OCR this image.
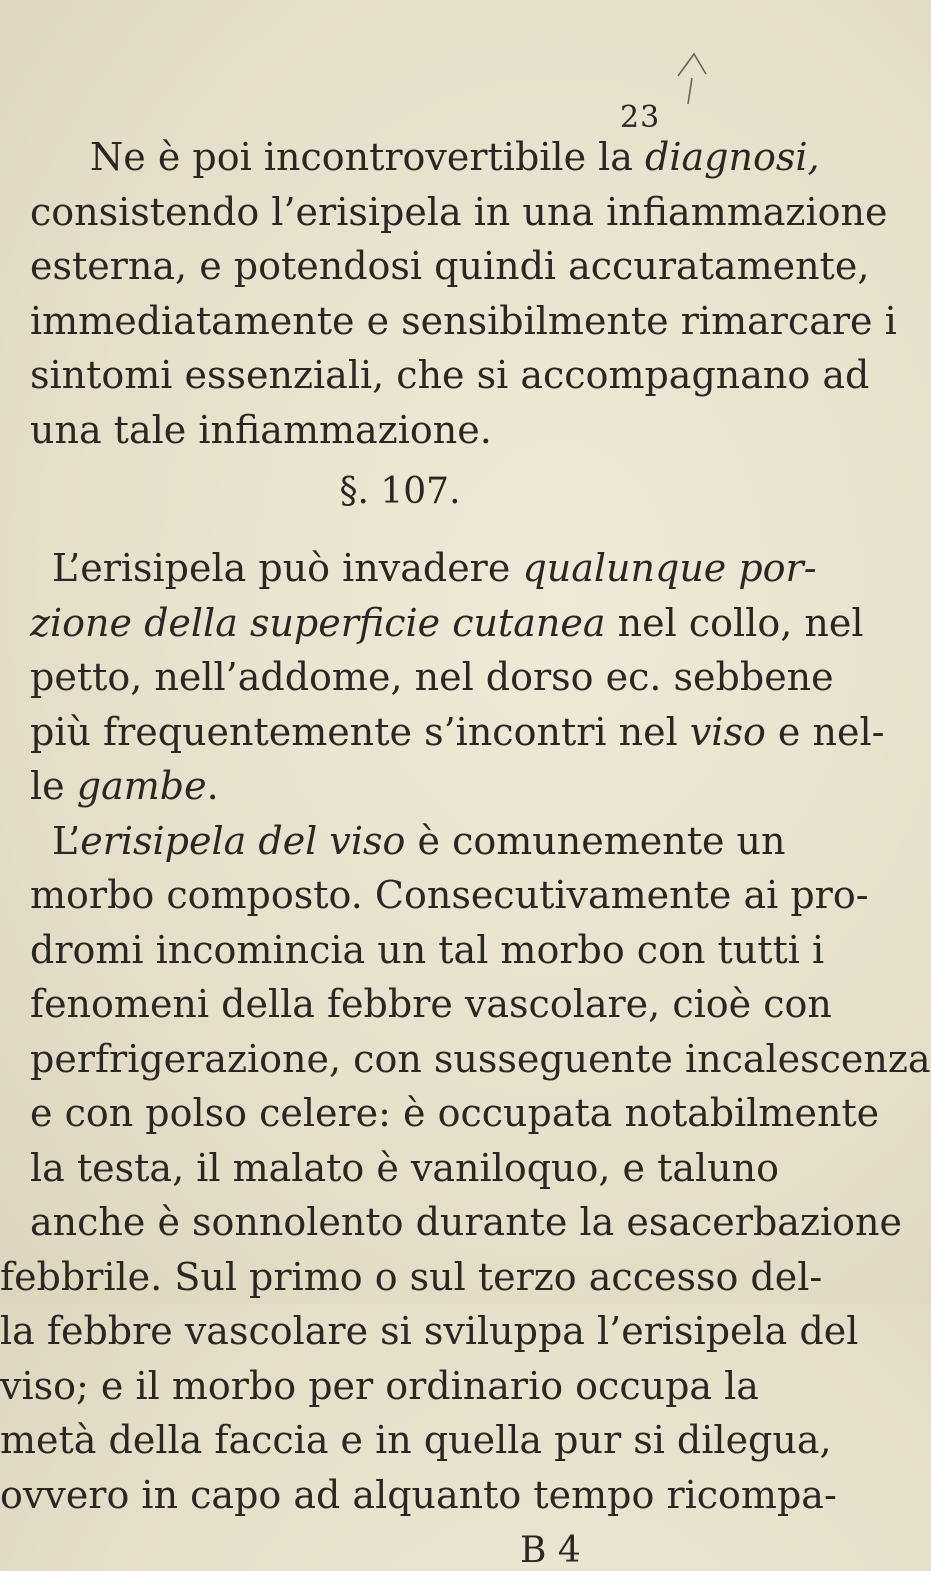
23
Ne è poi incontrovertibile la diagnosi,
consistendo l’erisipela in una infiammazione
esterna, e potendosi quindi accuratamente,
immediatamente e sensibilmente rimarcare i
sintomi essenziali, che si accompagnano ad
una tale infiammazione.
§. 107.
L’erisipela può invadere qualunque por-
zione della superficie cutanea nel collo, nel
petto, nell’addome, nel dorso ec. sebbene
più frequentemente s’incontri nel viso e nel-
le gambe.
L’erisipela del viso è comunemente un
morbo composto. Consecutivamente ai pro-
dromi incomincia un tal morbo con tutti i
fenomeni della febbre vascolare, cioè con
perfrigerazione, con susseguente incalescenza
e con polso celere: è occupata notabilmente
la testa, il malato è vaniloquo, e taluno
anche è sonnolento durante la esacerbazione
B 4
febbrile. Sul primo o sul terzo accesso del-
la febbre vascolare si sviluppa l’erisipela del
viso; e il morbo per ordinario occupa la
metà della faccia e in quella pur si dilegua,
ovvero in capo ad alquanto tempo ricompa-
